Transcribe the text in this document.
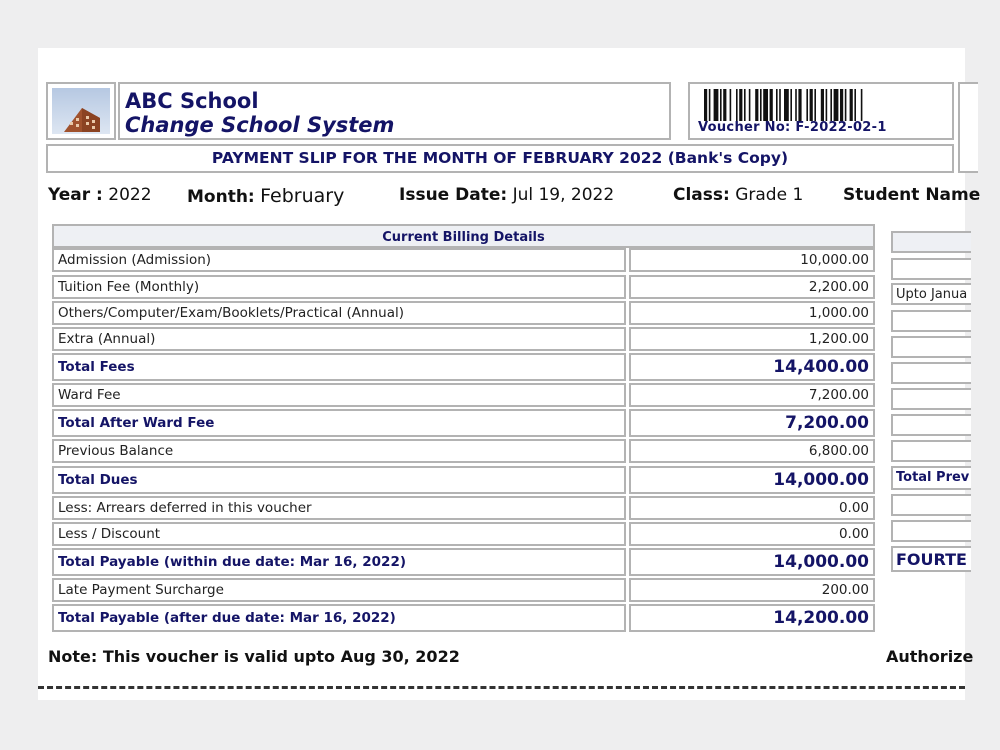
ABC School
Change School System	Voucher No: F-2022-02-1
PAYMENT SLIP FOR THE MONTH OF FEBRUARY 2022 (Bank's Copy)
Year : 2022 Month: February	Issue Date: Jul 19, 2022	Class: Grade 1 Student Name
Current Billing Details
Admission (Admission)	10,000.00
Tuition Fee (Monthly)	2,200.00
Others/Computer/Exam/Booklets/Practical (Annual)	1,000.00
Extra (Annual)	1,200.00
Total Fees	14,400.00
Ward Fee	7,200.00
Total After Ward Fee	7,200.00
Previous Balance	6,800.00
Total Dues	14,000.00
Less: Arrears deferred in this voucher	0.00
Less / Discount	0.00
Total Payable (within due date: Mar 16, 2022)	14,000.00
Late Payment Surcharge	200.00
Total Payable (after due date: Mar 16, 2022)	14,200.00
Upto Janua
Total Prev
FOURTE
Note: This voucher is valid upto Aug 30, 2022	Authorize
